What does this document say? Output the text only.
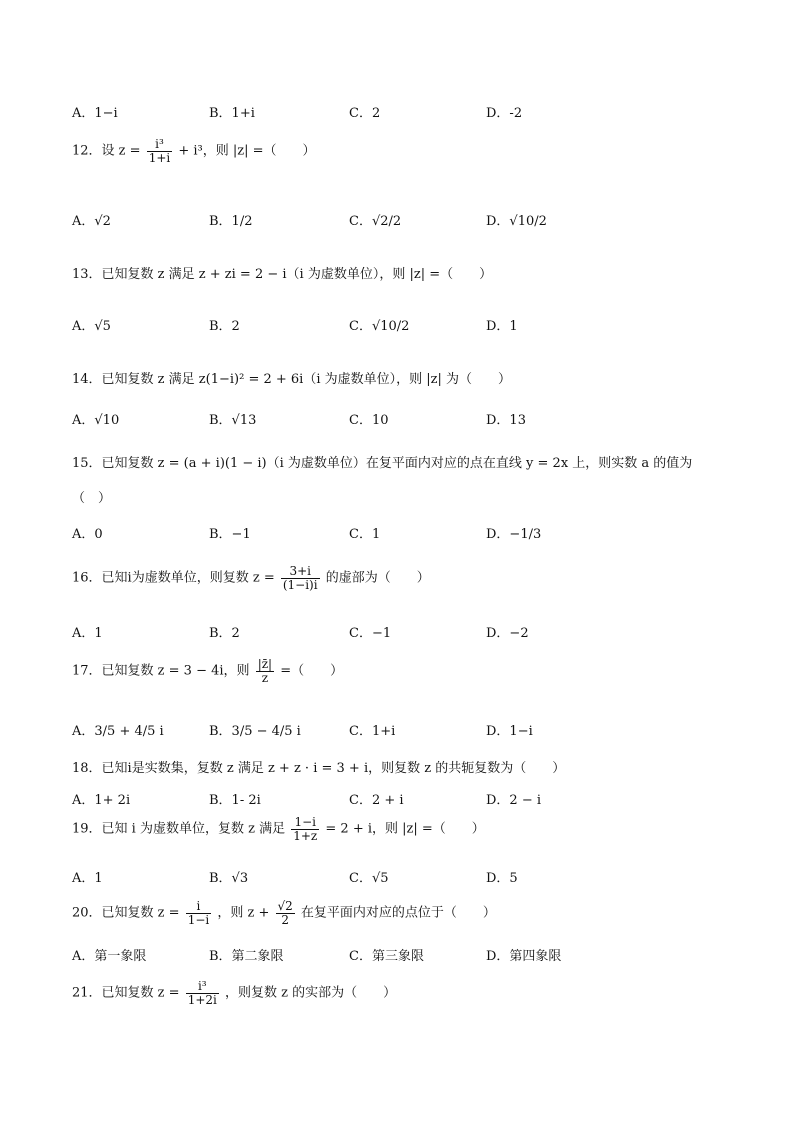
A．1−i	B．1+i	C．2	D．-2
12．设 $z = \frac{\text{i³}}{1+i} + i^3$，则 |z| =（　　）
A．√2	B．1/2	C．√2/2	D．√10/2
13．已知复数 z 满足 z + zi = 2 − i（i 为虚数单位），则 |z| =（　　）
A．√5	B．2	C．√10/2	D．1
14．已知复数 z 满足 z(1−i)² = 2 + 6i（i 为虚数单位），则 |z| 为（　　）
A．√10	B．√13	C．10	D．13
15．已知复数 z = (a + i)(1 − i)（i 为虚数单位）在复平面内对应的点在直线 y = 2x 上，则实数 a 的值为
（　）
A．0	B．−1	C．1	D．−1/3
16．已知i为虚数单位，则复数 $z = \frac{3+i}{(1-i)i}$ 的虚部为（　　）
A．1	B．2	C．−1	D．−2
17．已知复数 z = 3 − 4i，则 $\frac{|z̄|}{z}$ =（　　）
A．3/5 + 4/5 i	B．3/5 − 4/5 i	C．1+i	D．1−i
18．已知i是实数集，复数 z 满足 z + z · i = 3 + i，则复数 z 的共轭复数为（　　）
A．1+ 2i	B．1- 2i	C．2 + i	D．2 − i
19．已知 i 为虚数单位，复数 z 满足 $\frac{1-i}{1+z} = 2 + i$，则 |z| =（　　）
A．1	B．√3	C．√5	D．5
20．已知复数 $z = \frac{i}{1-i}$ ，则 $z + \frac{√2}{2}$ 在复平面内对应的点位于（　　）
A．第一象限	B．第二象限	C．第三象限	D．第四象限
21．已知复数 $z = \frac{\text{i³}}{1+2i}$ ，则复数 z 的实部为（　　）
